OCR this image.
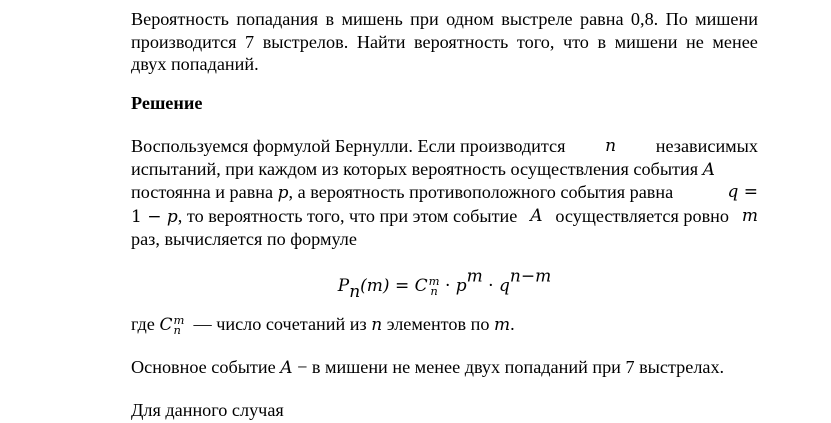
Вероятность попадания в мишень при одном выстреле равна 0,8. По мишени
производится 7 выстрелов. Найти вероятность того, что в мишени не менее
двух попаданий.
Решение
Воспользуемся формулой Бернулли. Если производится n независимых
испытаний, при каждом из которых вероятность осуществления события A
постоянна и равна p, а вероятность противоположного события равна	q =
1 − p, то вероятность того, что при этом событие A осуществляется ровно m
раз, вычисляется по формуле
$P_n(m) = C$ m
$n \cdot p^m \cdot q^{n-m}$
где C m
n — число сочетаний из n элементов по m.
Основное событие A − в мишени не менее двух попаданий при 7 выстрелах.
Для данного случая
